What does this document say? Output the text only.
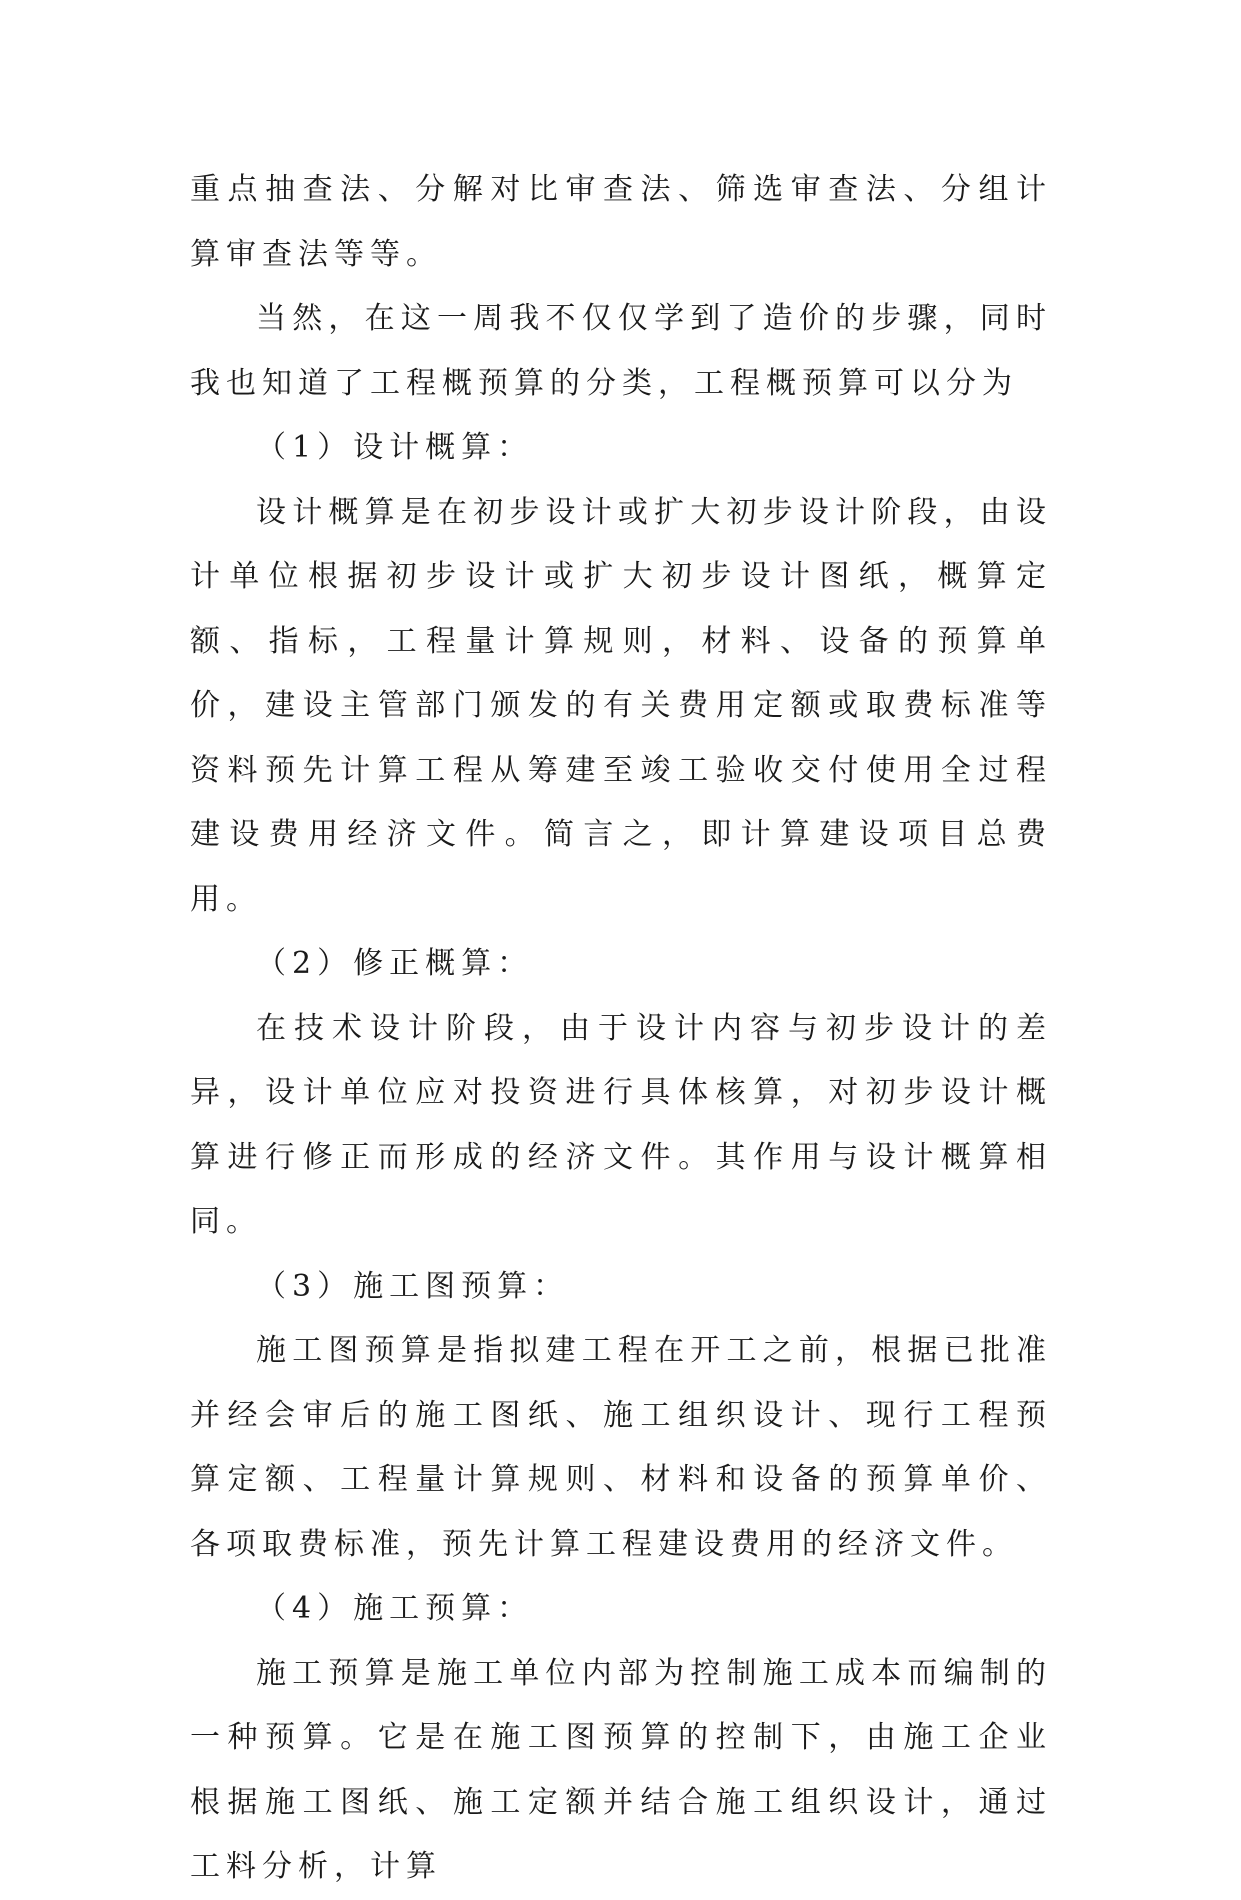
重点抽查法、分解对比审查法、筛选审查法、分组计算审查法等等。

当然，在这一周我不仅仅学到了造价的步骤，同时我也知道了工程概预算的分类，工程概预算可以分为

（1）设计概算：

设计概算是在初步设计或扩大初步设计阶段，由设计单位根据初步设计或扩大初步设计图纸，概算定额、指标，工程量计算规则，材料、设备的预算单价，建设主管部门颁发的有关费用定额或取费标准等资料预先计算工程从筹建至竣工验收交付使用全过程建设费用经济文件。简言之，即计算建设项目总费用。

（2）修正概算：

在技术设计阶段，由于设计内容与初步设计的差异，设计单位应对投资进行具体核算，对初步设计概算进行修正而形成的经济文件。其作用与设计概算相同。

（3）施工图预算：

施工图预算是指拟建工程在开工之前，根据已批准并经会审后的施工图纸、施工组织设计、现行工程预算定额、工程量计算规则、材料和设备的预算单价、各项取费标准，预先计算工程建设费用的经济文件。

（4）施工预算：

施工预算是施工单位内部为控制施工成本而编制的一种预算。它是在施工图预算的控制下，由施工企业根据施工图纸、施工定额并结合施工组织设计，通过工料分析，计算
